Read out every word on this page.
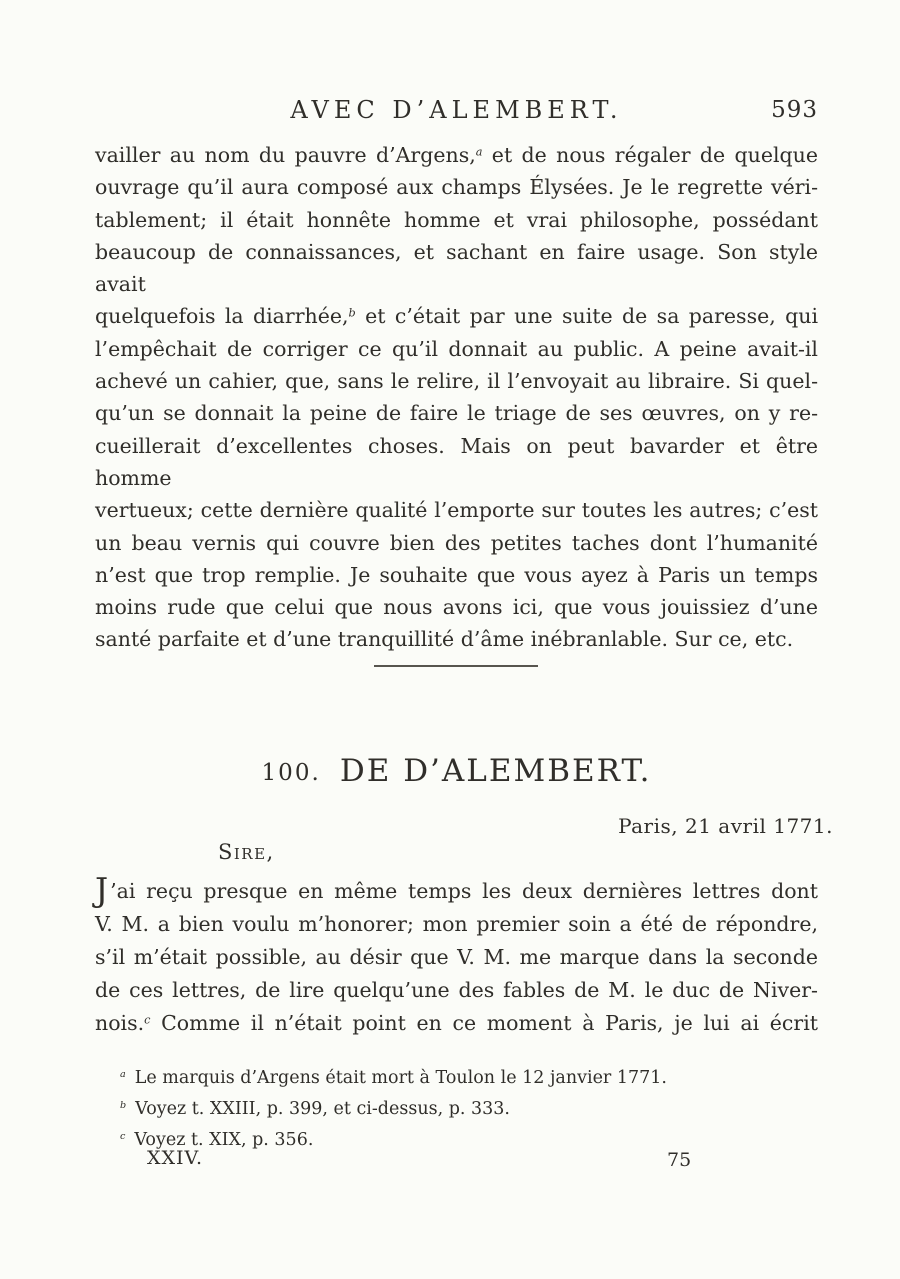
AVEC D’ALEMBERT.	593
vailler au nom du pauvre d’Argens,$^a$ et de nous régaler de quelque
ouvrage qu’il aura composé aux champs Élysées. Je le regrette véri-
tablement; il était honnête homme et vrai philosophe, possédant
beaucoup de connaissances, et sachant en faire usage. Son style avait
quelquefois la diarrhée,$^b$ et c’était par une suite de sa paresse, qui
l’empêchait de corriger ce qu’il donnait au public. A peine avait-il
achevé un cahier, que, sans le relire, il l’envoyait au libraire. Si quel-
qu’un se donnait la peine de faire le triage de ses œuvres, on y re-
cueillerait d’excellentes choses. Mais on peut bavarder et être homme
vertueux; cette dernière qualité l’emporte sur toutes les autres; c’est
un beau vernis qui couvre bien des petites taches dont l’humanité
n’est que trop remplie. Je souhaite que vous ayez à Paris un temps
moins rude que celui que nous avons ici, que vous jouissiez d’une
santé parfaite et d’une tranquillité d’âme inébranlable. Sur ce, etc.
100. DE D’ALEMBERT.
Paris, 21 avril 1771.
Sire,
J’ai reçu presque en même temps les deux dernières lettres dont
V. M. a bien voulu m’honorer; mon premier soin a été de répondre,
s’il m’était possible, au désir que V. M. me marque dans la seconde
de ces lettres, de lire quelqu’une des fables de M. le duc de Niver-
nois.$^c$ Comme il n’était point en ce moment à Paris, je lui ai écrit
$^a$ Le marquis d’Argens était mort à Toulon le 12 janvier 1771.
$^b$ Voyez t. XXIII, p. 399, et ci-dessus, p. 333.
$^c$ Voyez t. XIX, p. 356.
XXIV.	75
